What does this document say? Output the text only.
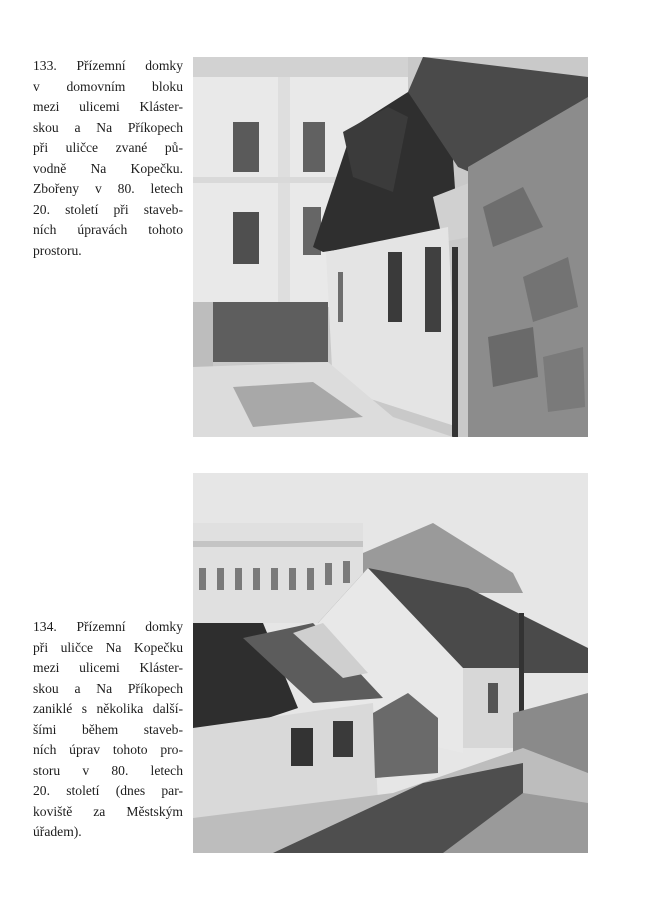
133. Přízemní domky
v domovním bloku
mezi ulicemi Kláster-
skou a Na Příkopech
při uličce zvané pů-
vodně Na Kopečku.
Zbořeny v 80. letech
20. století při staveb-
ních úpravách tohoto
prostoru.
134. Přízemní domky
při uličce Na Kopečku
mezi ulicemi Kláster-
skou a Na Příkopech
zaniklé s několika další-
šími během staveb-
ních úprav tohoto pro-
storu v 80. letech
20. století (dnes par-
koviště za Městským
úřadem).
